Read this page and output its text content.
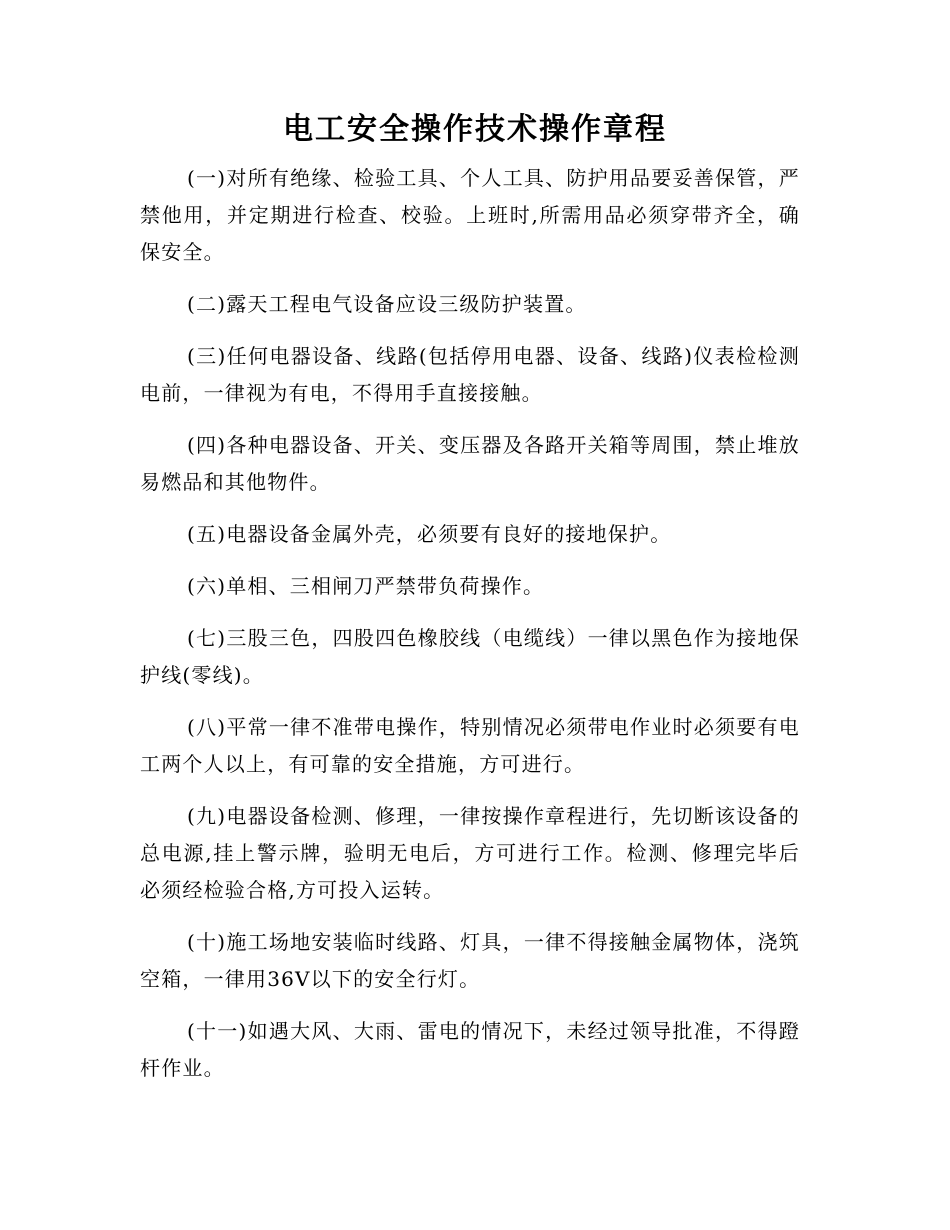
电工安全操作技术操作章程

(一)对所有绝缘、检验工具、个人工具、防护用品要妥善保管，严禁他用，并定期进行检查、校验。上班时,所需用品必须穿带齐全，确保安全。

(二)露天工程电气设备应设三级防护装置。

(三)任何电器设备、线路(包括停用电器、设备、线路)仪表检检测电前，一律视为有电，不得用手直接接触。

(四)各种电器设备、开关、变压器及各路开关箱等周围，禁止堆放易燃品和其他物件。

(五)电器设备金属外壳，必须要有良好的接地保护。

(六)单相、三相闸刀严禁带负荷操作。

(七)三股三色，四股四色橡胶线（电缆线）一律以黑色作为接地保护线(零线)。

(八)平常一律不准带电操作，特别情况必须带电作业时必须要有电工两个人以上，有可靠的安全措施，方可进行。

(九)电器设备检测、修理，一律按操作章程进行，先切断该设备的总电源,挂上警示牌，验明无电后，方可进行工作。检测、修理完毕后必须经检验合格,方可投入运转。

(十)施工场地安装临时线路、灯具，一律不得接触金属物体，浇筑空箱，一律用36V以下的安全行灯。

(十一)如遇大风、大雨、雷电的情况下，未经过领导批准，不得蹬杆作业。
